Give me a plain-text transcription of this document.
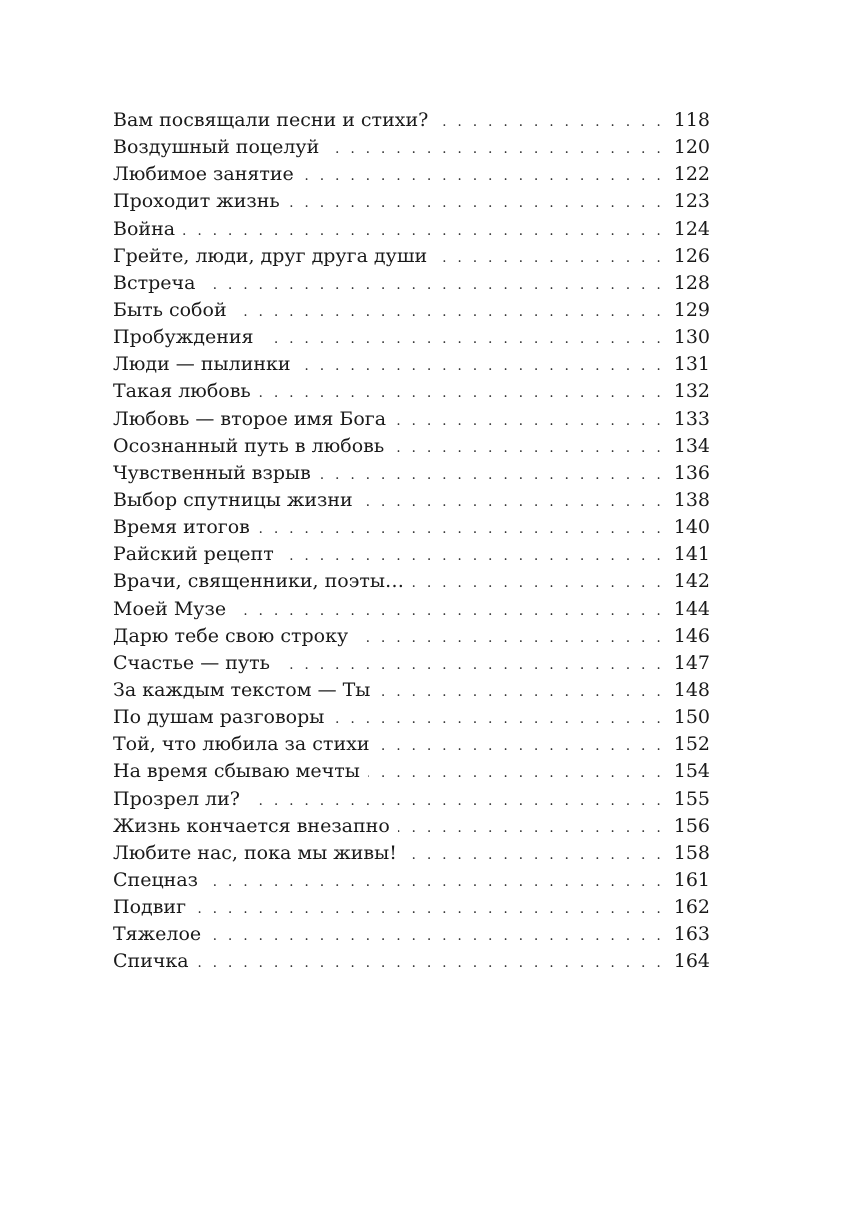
Вам посвящали песни и стихи? . . .	118
Воздушный поцелуй . . .	120
Любимое занятие . . .	122
Проходит жизнь . . .	123
Война . . .	124
Грейте, люди, друг друга души . . .	126
Встреча . . .	128
Быть собой . . .	129
Пробуждения . . .	130
Люди — пылинки . . .	131
Такая любовь . . .	132
Любовь — второе имя Бога . . .	133
Осознанный путь в любовь . . .	134
Чувственный взрыв . . .	136
Выбор спутницы жизни . . .	138
Время итогов . . .	140
Райский рецепт . . .	141
Врачи, священники, поэты… . . .	142
Моей Музе . . .	144
Дарю тебе свою строку . . .	146
Счастье — путь . . .	147
За каждым текстом — Ты . . .	148
По душам разговоры . . .	150
Той, что любила за стихи . . .	152
На время сбываю мечты . . .	154
Прозрел ли? . . .	155
Жизнь кончается внезапно . . .	156
Любите нас, пока мы живы! . . .	158
Спецназ . . .	161
Подвиг . . .	162
Тяжелое . . .	163
Спичка . . .	164
